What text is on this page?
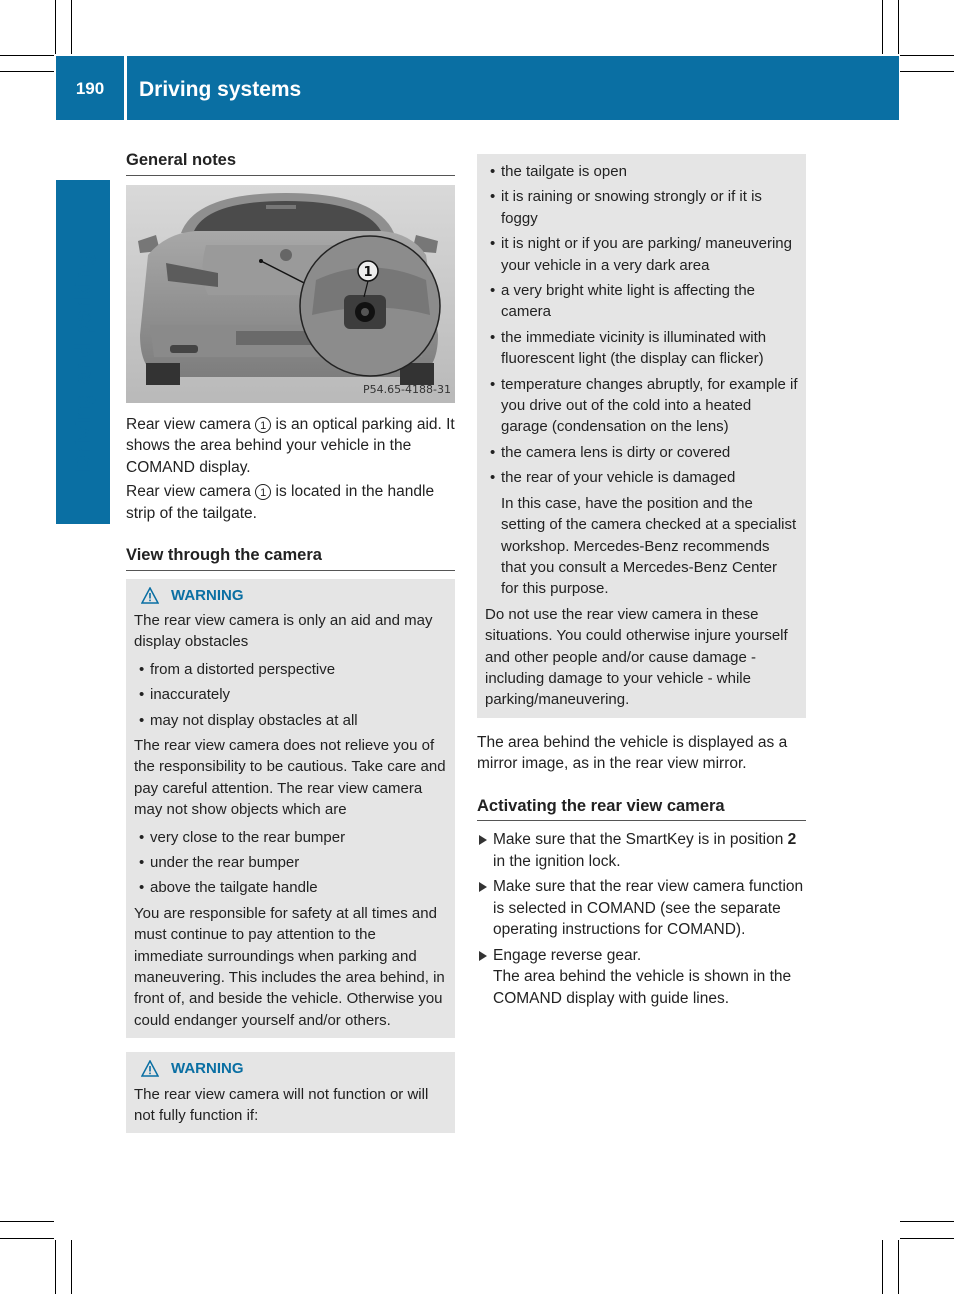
190	Driving systems
Driving and parking
General notes
1
P54.65-4188-31

Rear view camera 1 is an optical parking aid. It shows the area behind your vehicle in the COMAND display.

Rear view camera 1 is located in the handle strip of the tailgate.

View through the camera
WARNING

The rear view camera is only an aid and may display obstacles

• from a distorted perspective
• inaccurately
• may not display obstacles at all

The rear view camera does not relieve you of the responsibility to be cautious. Take care and pay careful attention. The rear view camera may not show objects which are

• very close to the rear bumper
• under the rear bumper
• above the tailgate handle

You are responsible for safety at all times and must continue to pay attention to the immediate surroundings when parking and maneuvering. This includes the area behind, in front of, and beside the vehicle. Otherwise you could endanger yourself and/or others.

WARNING

The rear view camera will not function or will not fully function if:

• the tailgate is open
• it is raining or snowing strongly or if it is foggy
• it is night or if you are parking/ maneuvering your vehicle in a very dark area
• a very bright white light is affecting the camera
• the immediate vicinity is illuminated with fluorescent light (the display can flicker)
• temperature changes abruptly, for example if you drive out of the cold into a heated garage (condensation on the lens)
• the camera lens is dirty or covered
• the rear of your vehicle is damaged

In this case, have the position and the setting of the camera checked at a specialist workshop. Mercedes-Benz recommends that you consult a Mercedes-Benz Center for this purpose.

Do not use the rear view camera in these situations. You could otherwise injure yourself and other people and/or cause damage - including damage to your vehicle - while parking/maneuvering.

The area behind the vehicle is displayed as a mirror image, as in the rear view mirror.

Activating the rear view camera
Make sure that the SmartKey is in position 2 in the ignition lock.
Make sure that the rear view camera function is selected in COMAND (see the separate operating instructions for COMAND).
Engage reverse gear.
The area behind the vehicle is shown in the COMAND display with guide lines.
